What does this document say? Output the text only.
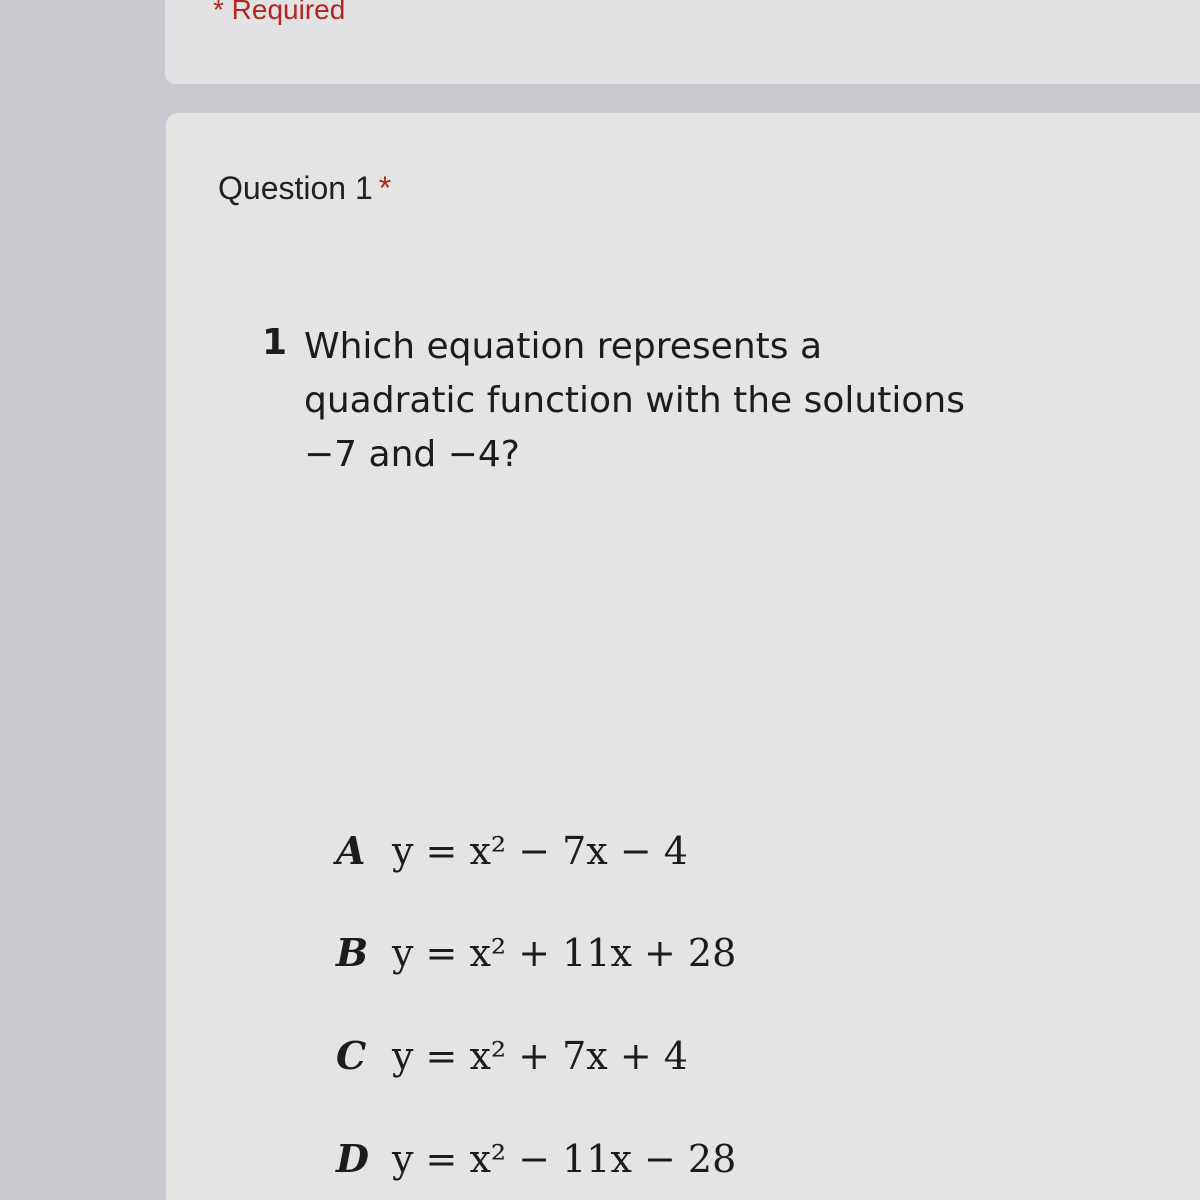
* Required
Question 1 *
1 Which equation represents a
quadratic function with the solutions
−7 and −4?
A y = x² − 7x − 4
B y = x² + 11x + 28
C y = x² + 7x + 4
D y = x² − 11x − 28
